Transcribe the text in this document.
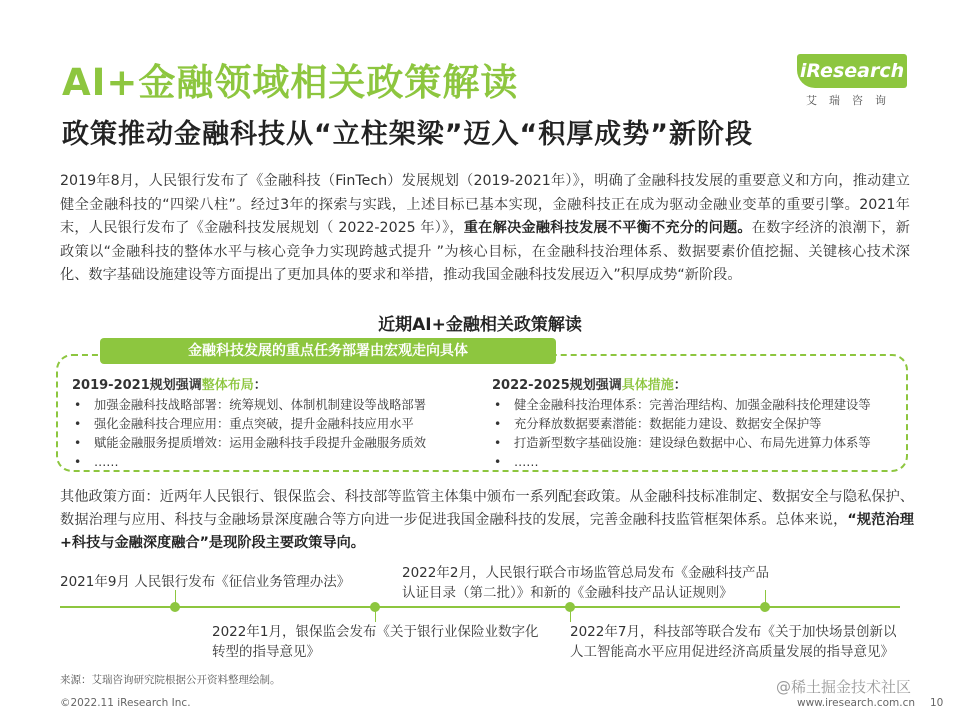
AI+金融领域相关政策解读
政策推动金融科技从“立柱架梁”迈入“积厚成势”新阶段
iResearch
艾瑞咨询
2019年8月，人民银行发布了《金融科技（FinTech）发展规划（2019-2021年）》，明确了金融科技发展的重要意义和方向，推动建立健全金融科技的“四梁八柱”。经过3年的探索与实践，上述目标已基本实现，金融科技正在成为驱动金融业变革的重要引擎。2021年末，人民银行发布了《金融科技发展规划（ 2022-2025 年）》，重在解决金融科技发展不平衡不充分的问题。在数字经济的浪潮下，新政策以“金融科技的整体水平与核心竞争力实现跨越式提升 ”为核心目标，在金融科技治理体系、数据要素价值挖掘、关键核心技术深化、数字基础设施建设等方面提出了更加具体的要求和举措，推动我国金融科技发展迈入”积厚成势“新阶段。
近期AI+金融相关政策解读
金融科技发展的重点任务部署由宏观走向具体
2019-2021规划强调整体布局：
• 加强金融科技战略部署：统筹规划、体制机制建设等战略部署
• 强化金融科技合理应用：重点突破，提升金融科技应用水平
• 赋能金融服务提质增效：运用金融科技手段提升金融服务质效
• ……
2022-2025规划强调具体措施：
• 健全金融科技治理体系：完善治理结构、加强金融科技伦理建设等
• 充分释放数据要素潜能：数据能力建设、数据安全保护等
• 打造新型数字基础设施：建设绿色数据中心、布局先进算力体系等
• ……
其他政策方面：近两年人民银行、银保监会、科技部等监管主体集中颁布一系列配套政策。从金融科技标准制定、数据安全与隐私保护、数据治理与应用、科技与金融场景深度融合等方向进一步促进我国金融科技的发展，完善金融科技监管框架体系。总体来说，“规范治理+科技与金融深度融合”是现阶段主要政策导向。
2021年9月 人民银行发布《征信业务管理办法》
2022年1月，银保监会发布《关于银行业保险业数字化转型的指导意见》
2022年2月，人民银行联合市场监管总局发布《金融科技产品认证目录（第二批）》和新的《金融科技产品认证规则》
2022年7月，科技部等联合发布《关于加快场景创新以人工智能高水平应用促进经济高质量发展的指导意见》
来源：艾瑞咨询研究院根据公开资料整理绘制。	@稀土掘金技术社区
©2022.11 iResearch Inc.	www.iresearch.com.cn 10
